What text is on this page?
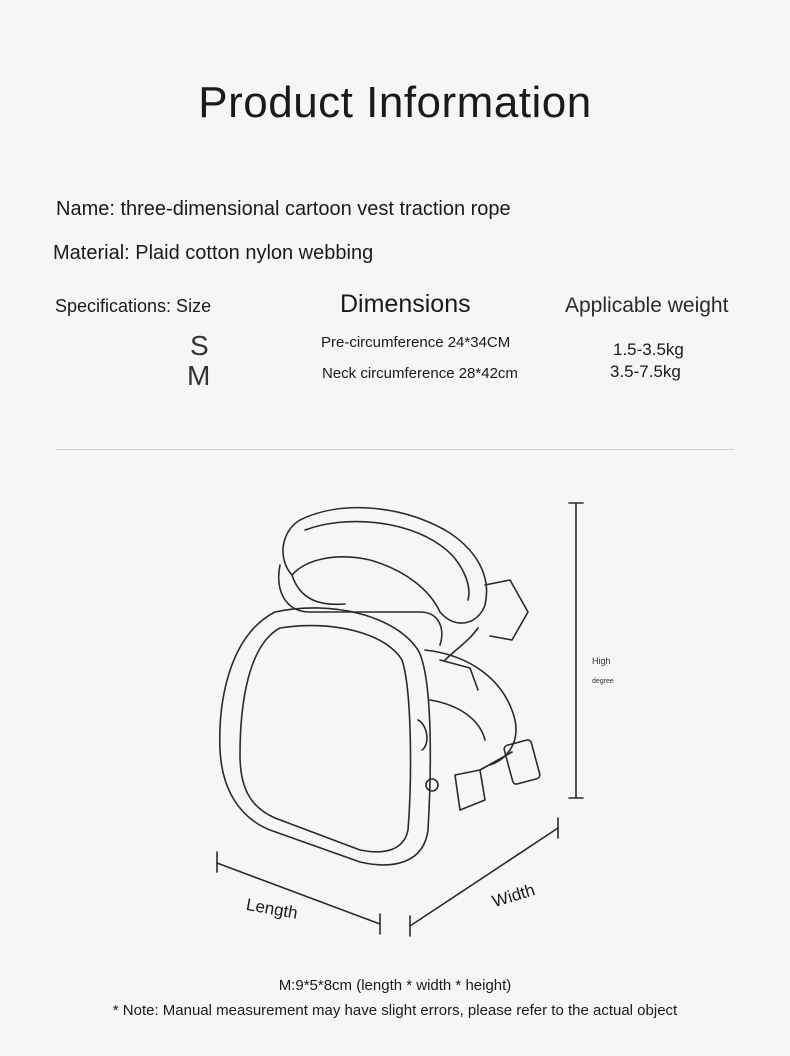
Product Information
Name: three-dimensional cartoon vest traction rope
Material: Plaid cotton nylon webbing
Specifications: Size	Dimensions	Applicable weight
S	Pre-circumference 24*34CM	1.5-3.5kg
M	Neck circumference 28*42cm	3.5-7.5kg
High
degree
Length	Width
M:9*5*8cm (length * width * height)
* Note: Manual measurement may have slight errors, please refer to the actual object
